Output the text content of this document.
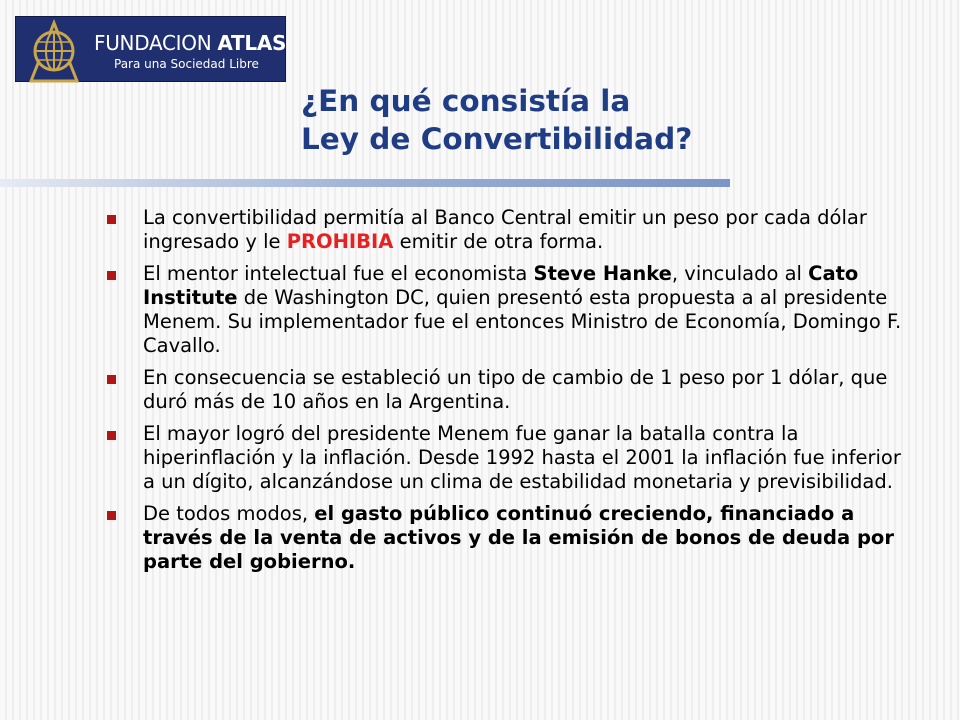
FUNDACION ATLAS
Para una Sociedad Libre
¿En qué consistía la
Ley de Convertibilidad?
La convertibilidad permitía al Banco Central emitir un peso por cada dólar ingresado y le PROHIBIA emitir de otra forma.
El mentor intelectual fue el economista Steve Hanke, vinculado al Cato Institute de Washington DC, quien presentó esta propuesta a al presidente Menem. Su implementador fue el entonces Ministro de Economía, Domingo F. Cavallo.
En consecuencia se estableció un tipo de cambio de 1 peso por 1 dólar, que duró más de 10 años en la Argentina.
El mayor logró del presidente Menem fue ganar la batalla contra la hiperinflación y la inflación. Desde 1992 hasta el 2001 la inflación fue inferior a un dígito, alcanzándose un clima de estabilidad monetaria y previsibilidad.
De todos modos, el gasto público continuó creciendo, financiado a través de la venta de activos y de la emisión de bonos de deuda por parte del gobierno.
